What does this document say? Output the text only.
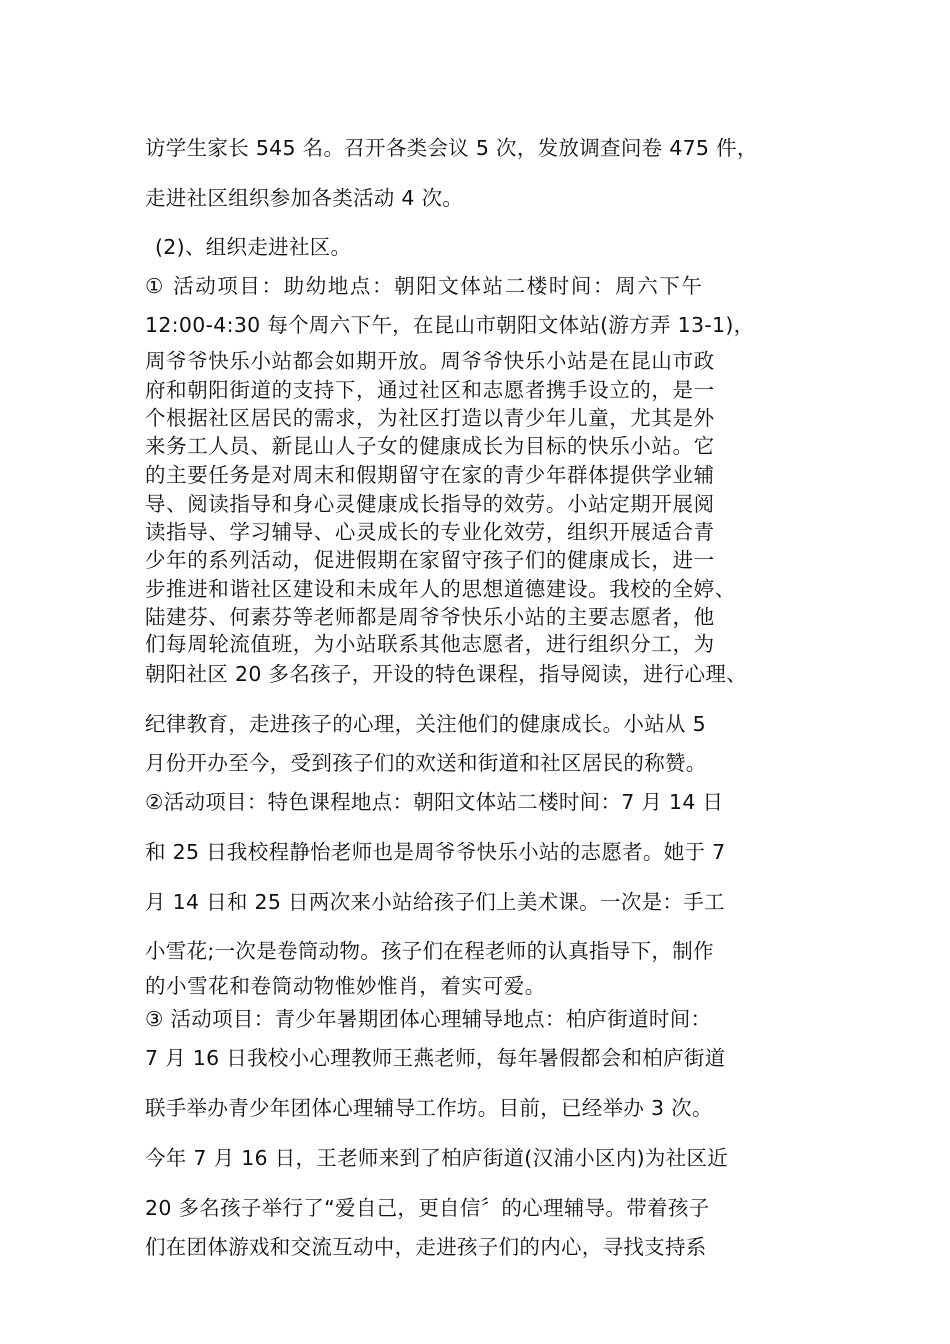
访学生家长 545 名。召开各类会议 5 次，发放调查问卷 475 件，
走进社区组织参加各类活动 4 次。
(2)、组织走进社区。
① 活动项目：助幼地点：朝阳文体站二楼时间：周六下午
12:00-4:30 每个周六下午，在昆山市朝阳文体站(游方弄 13-1)，
周爷爷快乐小站都会如期开放。周爷爷快乐小站是在昆山市政
府和朝阳街道的支持下，通过社区和志愿者携手设立的，是一
个根据社区居民的需求，为社区打造以青少年儿童，尤其是外
来务工人员、新昆山人子女的健康成长为目标的快乐小站。它
的主要任务是对周末和假期留守在家的青少年群体提供学业辅
导、阅读指导和身心灵健康成长指导的效劳。小站定期开展阅
读指导、学习辅导、心灵成长的专业化效劳，组织开展适合青
少年的系列活动，促进假期在家留守孩子们的健康成长，进一
步推进和谐社区建设和未成年人的思想道德建设。我校的全婷、
陆建芬、何素芬等老师都是周爷爷快乐小站的主要志愿者，他
们每周轮流值班，为小站联系其他志愿者，进行组织分工，为
朝阳社区 20 多名孩子，开设的特色课程，指导阅读，进行心理、
纪律教育，走进孩子的心理，关注他们的健康成长。小站从 5
月份开办至今，受到孩子们的欢送和街道和社区居民的称赞。
②活动项目：特色课程地点：朝阳文体站二楼时间：7 月 14 日
和 25 日我校程静怡老师也是周爷爷快乐小站的志愿者。她于 7
月 14 日和 25 日两次来小站给孩子们上美术课。一次是：手工
小雪花;一次是卷筒动物。孩子们在程老师的认真指导下，制作
的小雪花和卷筒动物惟妙惟肖，着实可爱。
③ 活动项目：青少年暑期团体心理辅导地点：柏庐街道时间：
7 月 16 日我校小心理教师王燕老师，每年暑假都会和柏庐街道
联手举办青少年团体心理辅导工作坊。目前，已经举办 3 次。
今年 7 月 16 日，王老师来到了柏庐街道(汉浦小区内)为社区近
20 多名孩子举行了“爱自己，更自信〞的心理辅导。带着孩子
们在团体游戏和交流互动中，走进孩子们的内心，寻找支持系
